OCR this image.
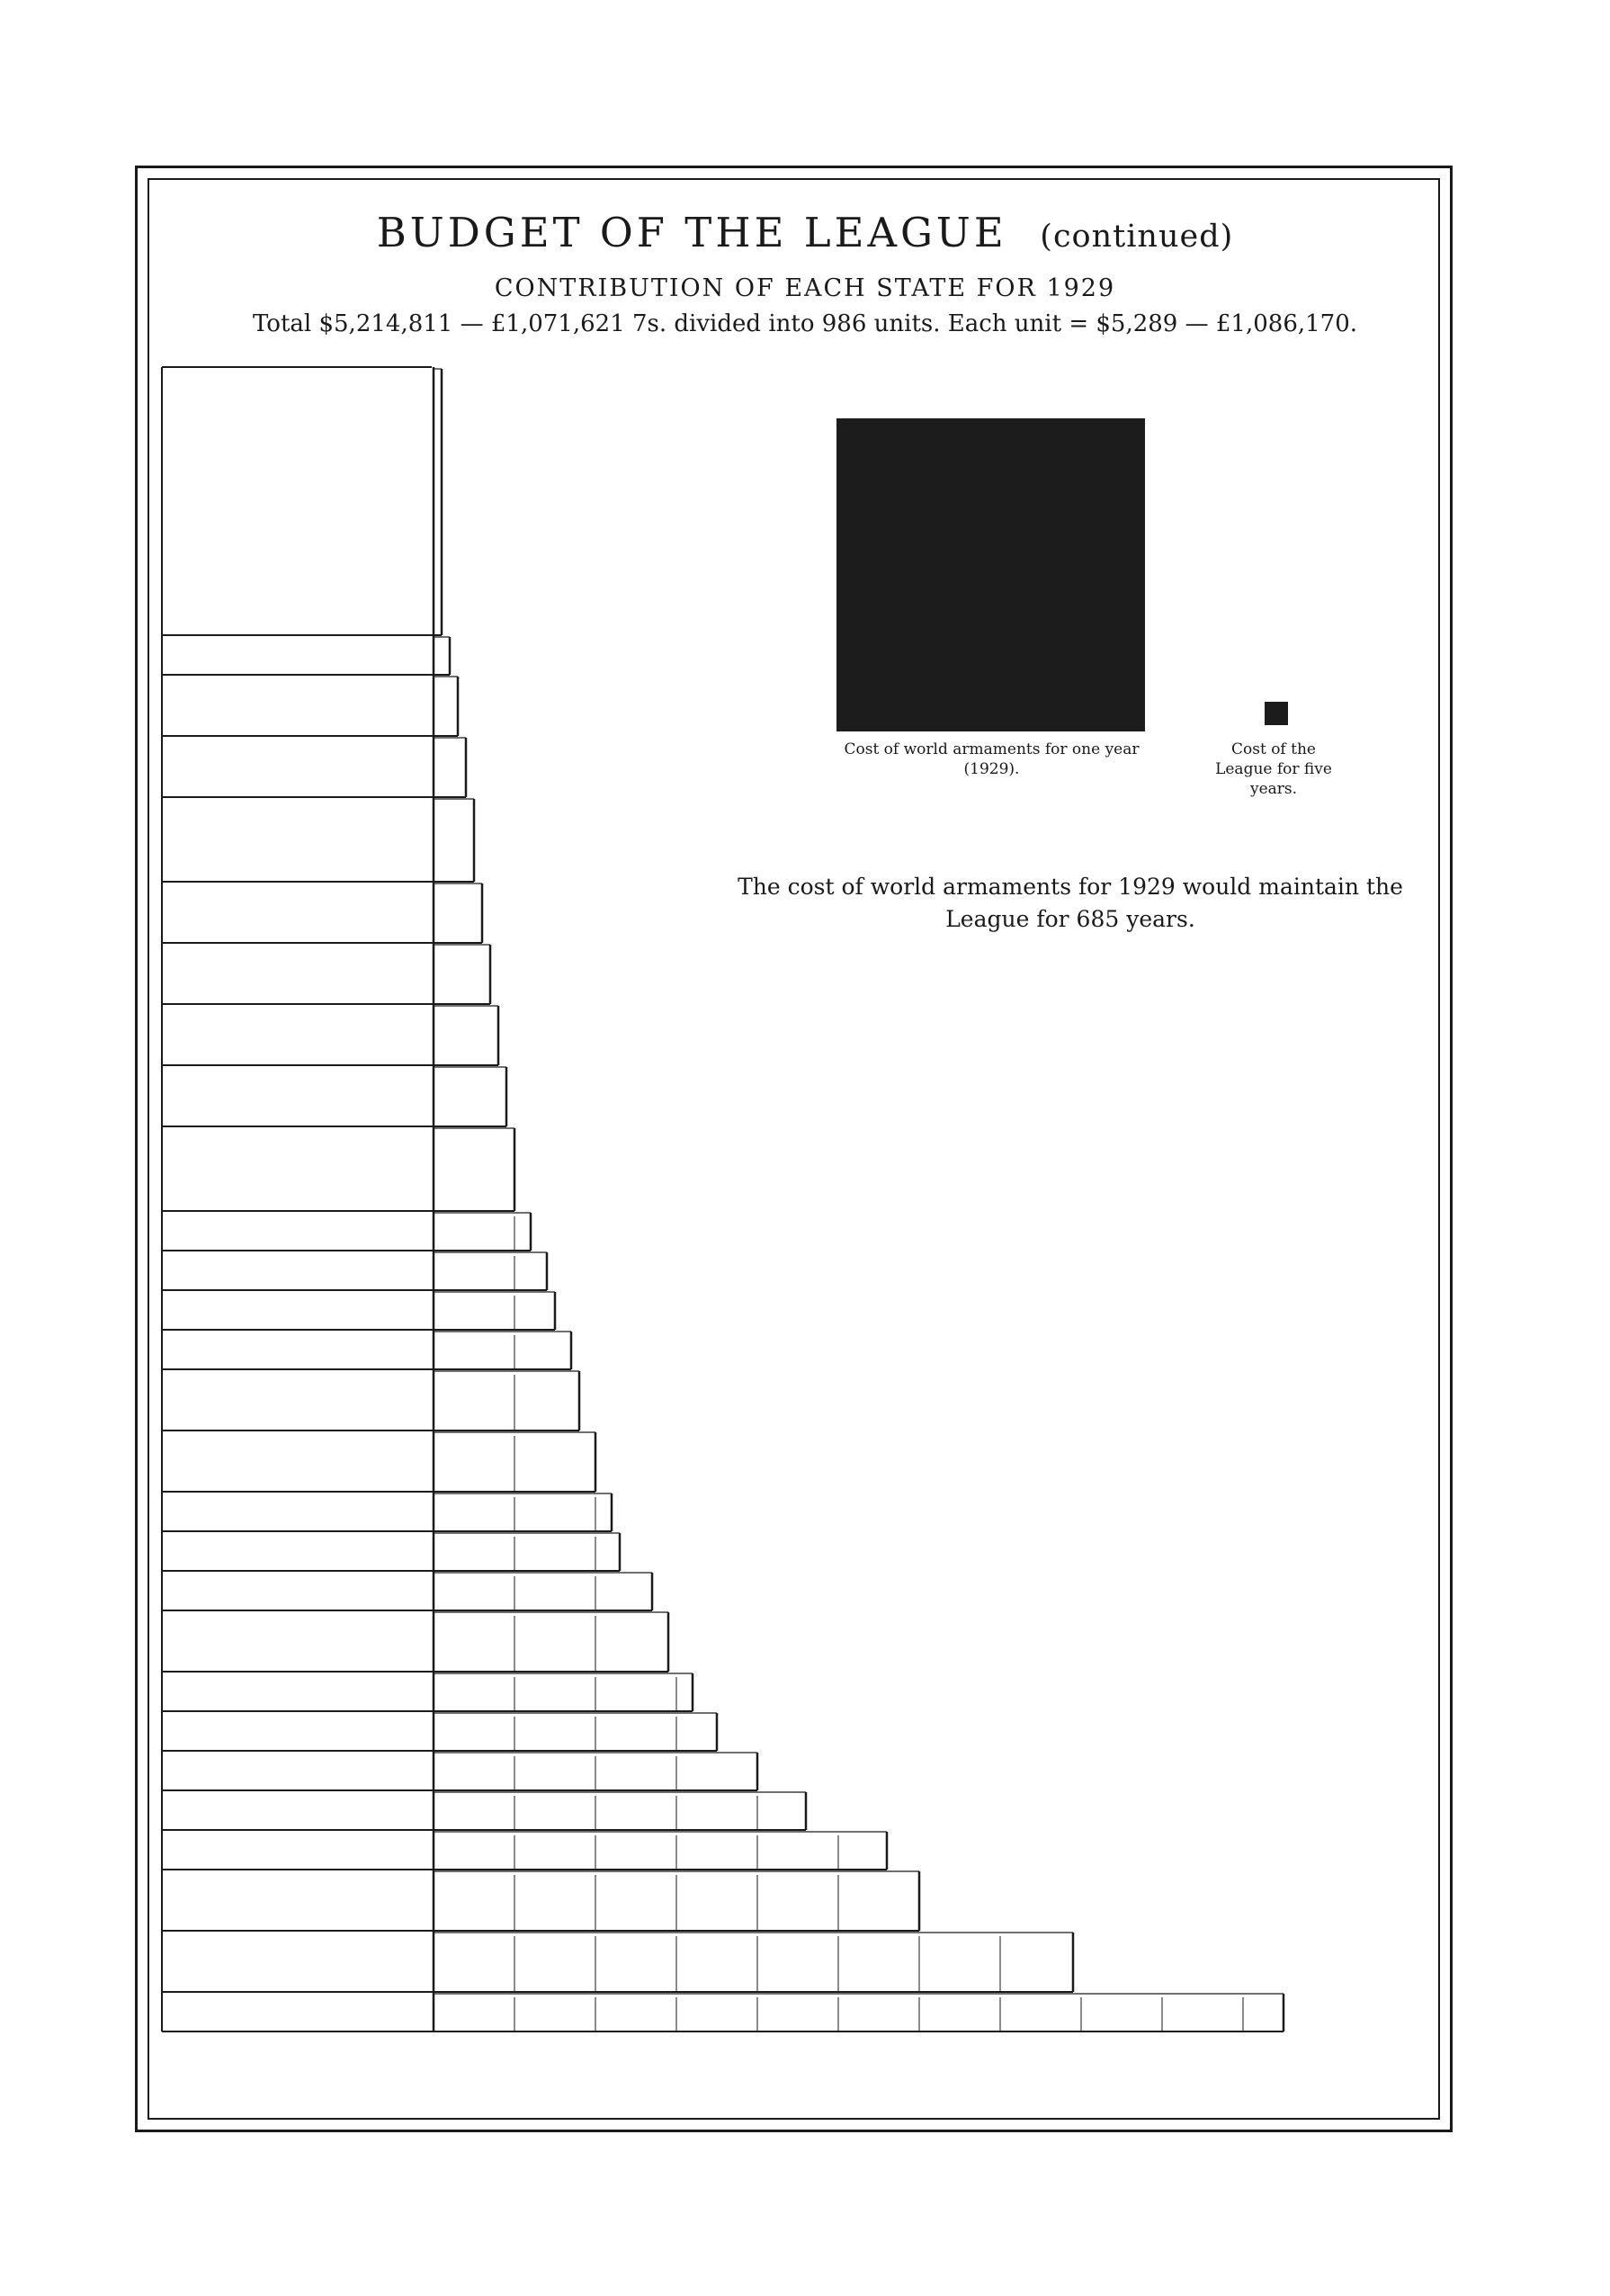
BUDGET OF THE LEAGUE (continued)
CONTRIBUTION OF EACH STATE FOR 1929
Total $5,214,811 — £1,071,621 7s. divided into 986 units. Each unit = $5,289 — £1,086,170.
Cost of world armaments for one year (1929).
Cost of the League for five years.
The cost of world armaments for 1929 would maintain the League for 685 years.
